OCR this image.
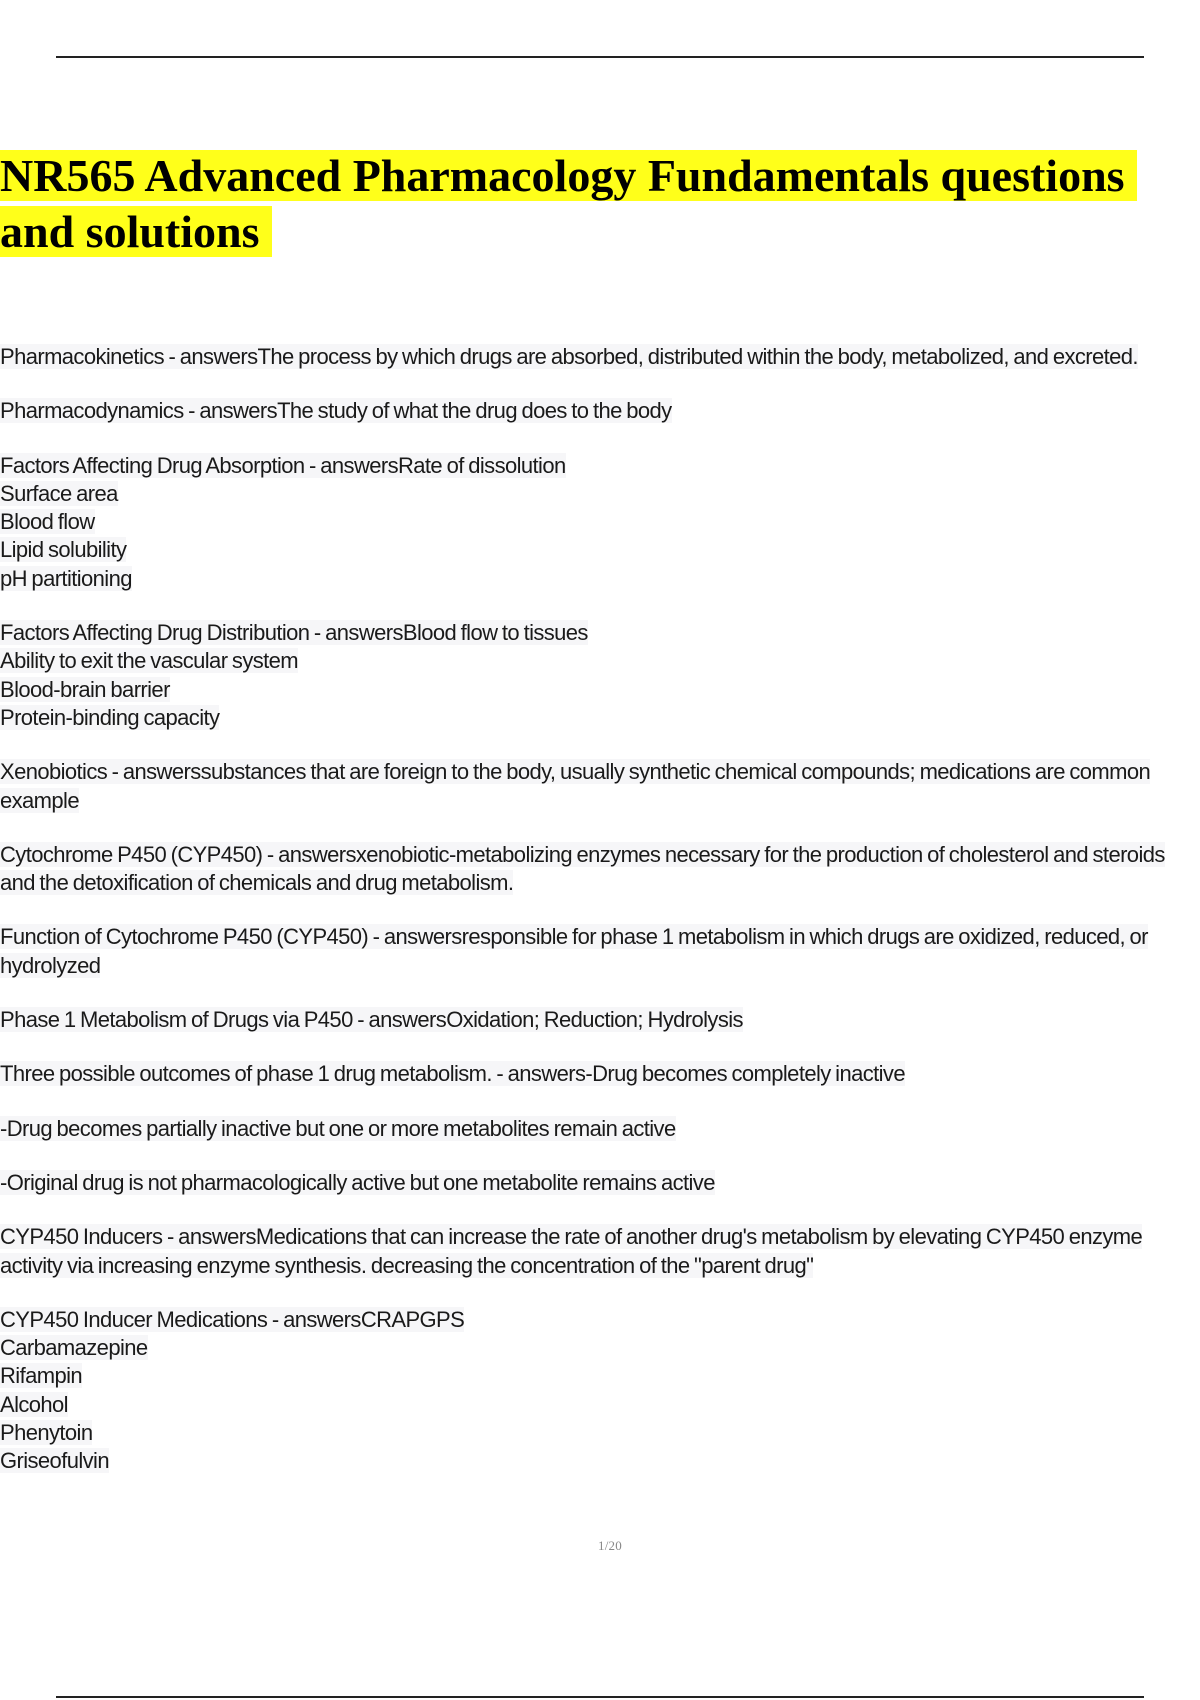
NR565 Advanced Pharmacology Fundamentals questions and solutions

Pharmacokinetics - answersThe process by which drugs are absorbed, distributed within the body, metabolized, and excreted.

Pharmacodynamics - answersThe study of what the drug does to the body

Factors Affecting Drug Absorption - answersRate of dissolution
Surface area
Blood flow
Lipid solubility
pH partitioning

Factors Affecting Drug Distribution - answersBlood flow to tissues
Ability to exit the vascular system
Blood-brain barrier
Protein-binding capacity

Xenobiotics - answerssubstances that are foreign to the body, usually synthetic chemical compounds; medications are common example

Cytochrome P450 (CYP450) - answersxenobiotic-metabolizing enzymes necessary for the production of cholesterol and steroids and the detoxification of chemicals and drug metabolism.

Function of Cytochrome P450 (CYP450) - answersresponsible for phase 1 metabolism in which drugs are oxidized, reduced, or hydrolyzed

Phase 1 Metabolism of Drugs via P450 - answersOxidation; Reduction; Hydrolysis

Three possible outcomes of phase 1 drug metabolism. - answers-Drug becomes completely inactive

-Drug becomes partially inactive but one or more metabolites remain active

-Original drug is not pharmacologically active but one metabolite remains active

CYP450 Inducers - answersMedications that can increase the rate of another drug's metabolism by elevating CYP450 enzyme activity via increasing enzyme synthesis. decreasing the concentration of the "parent drug"

CYP450 Inducer Medications - answersCRAPGPS
Carbamazepine
Rifampin
Alcohol
Phenytoin
Griseofulvin

1/20
